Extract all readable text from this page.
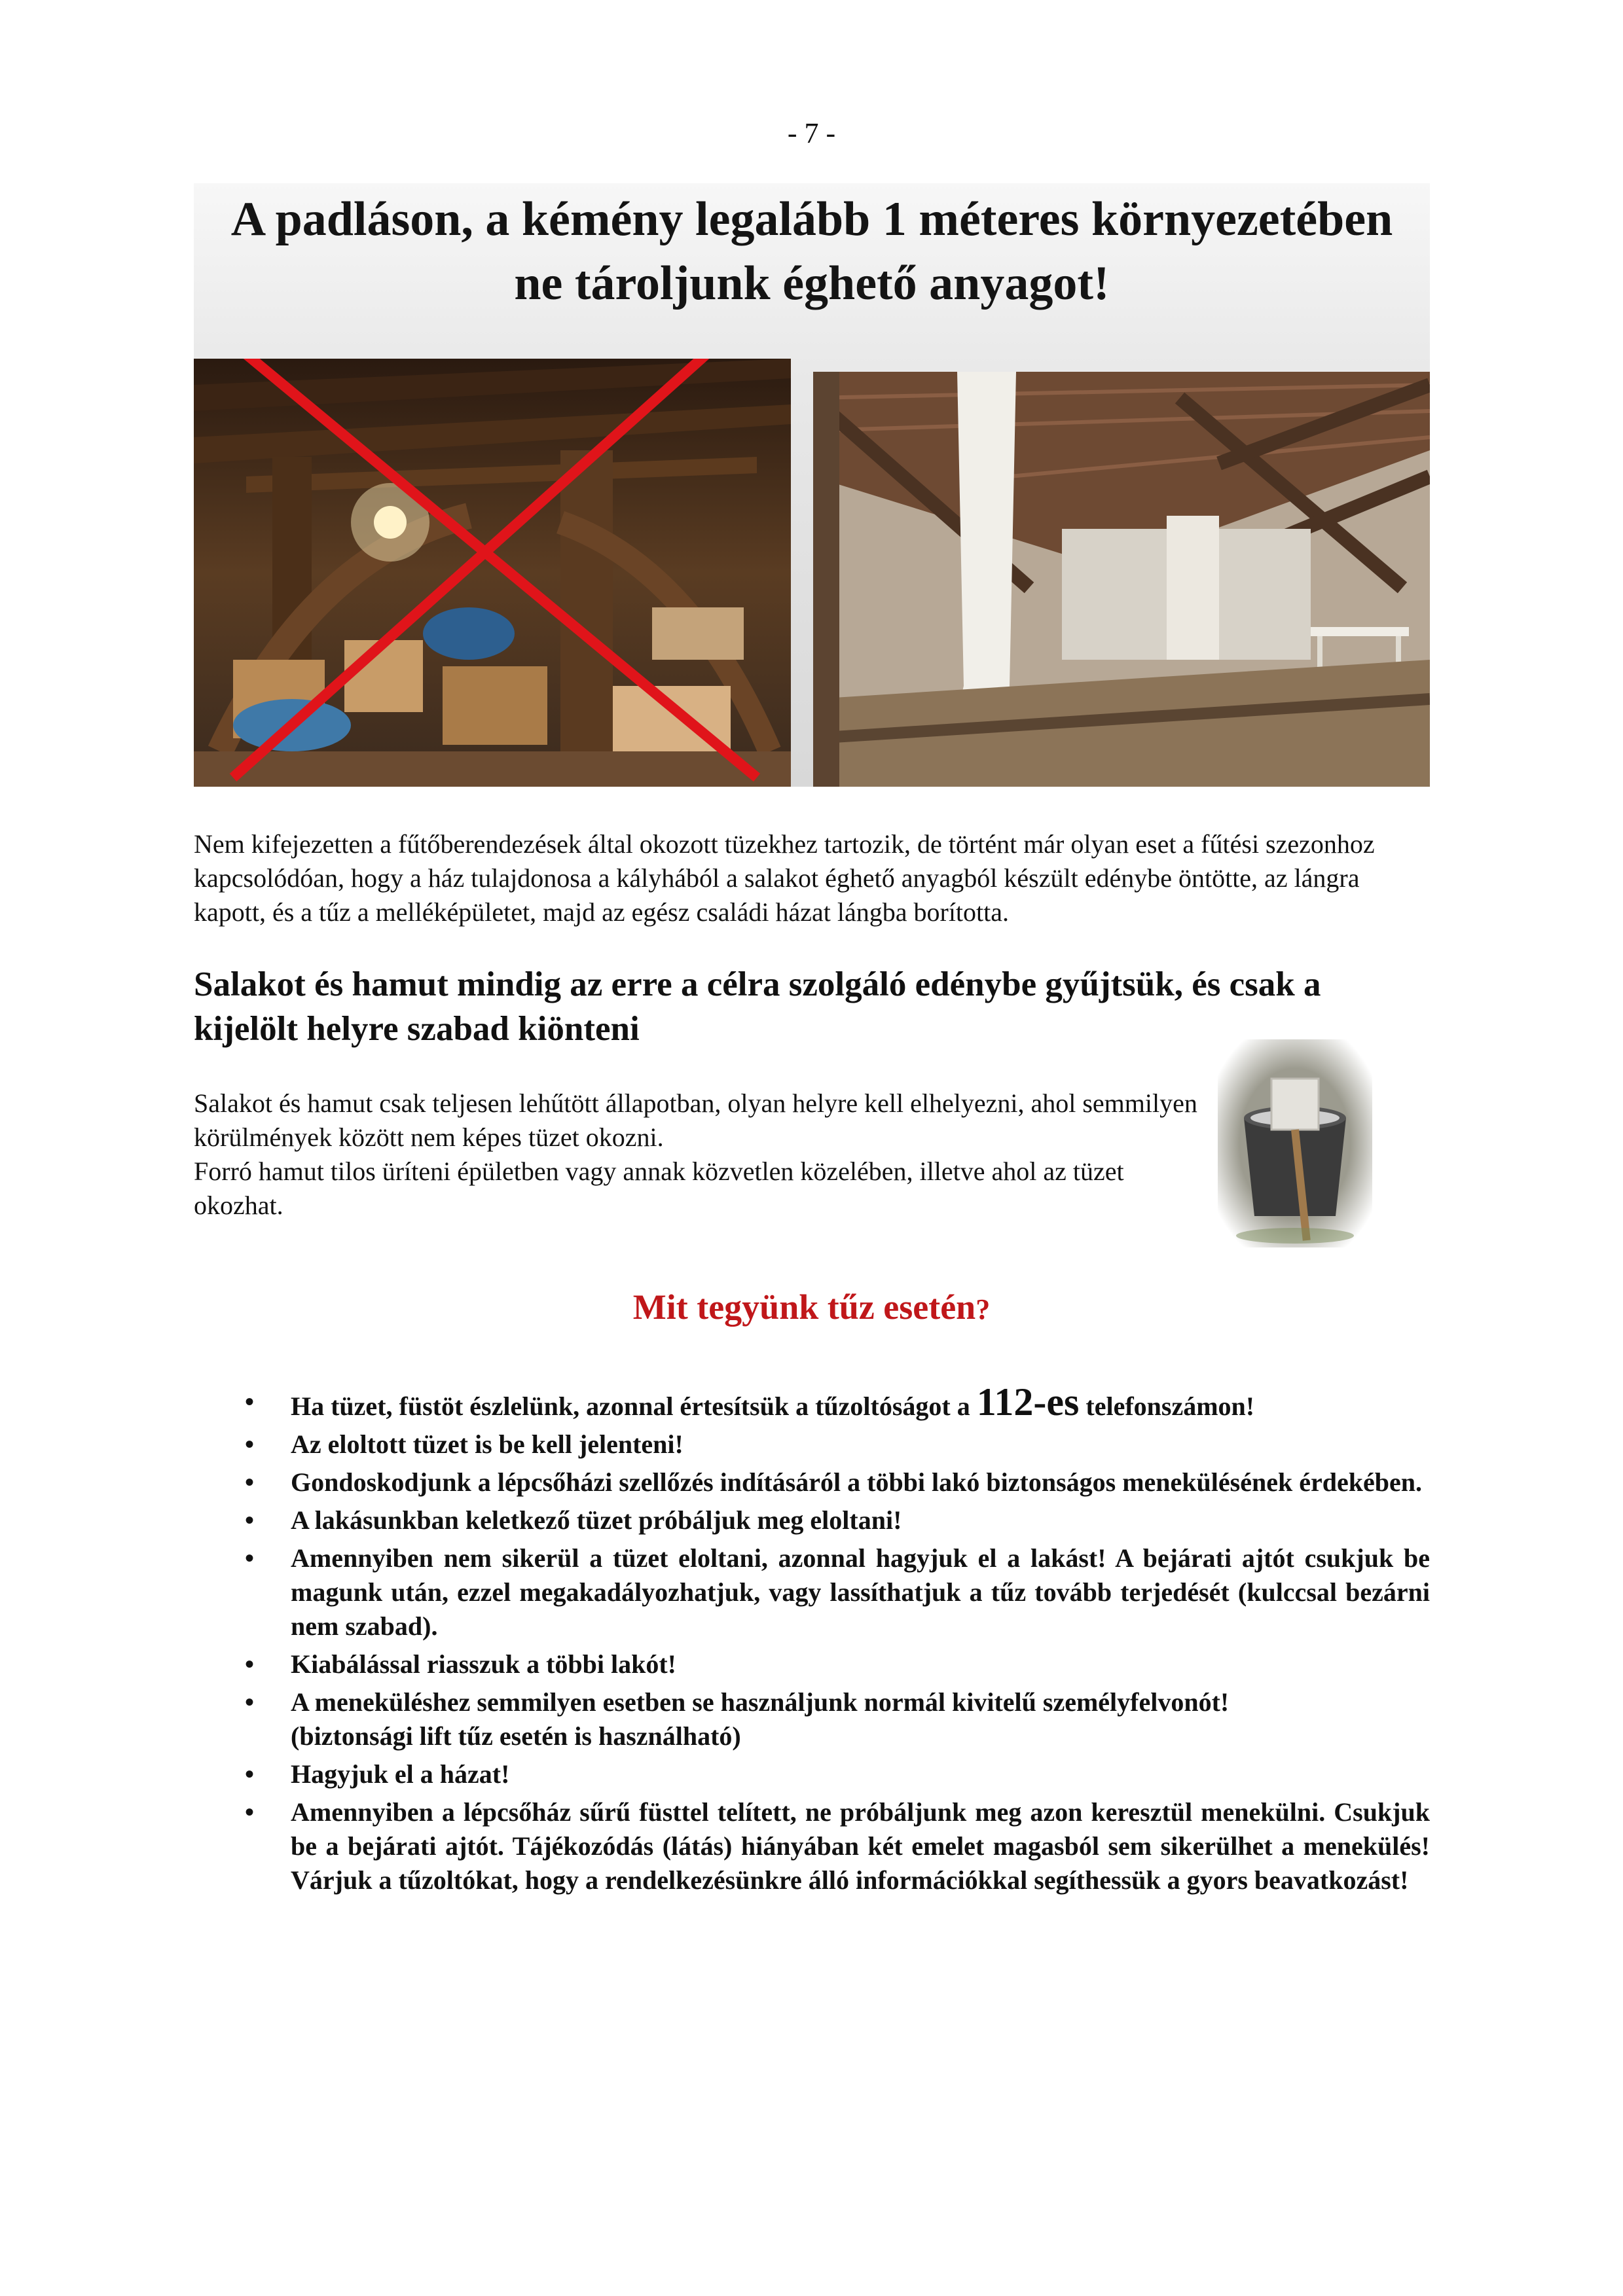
- 7 -
A padláson, a kémény legalább 1 méteres környezetében
ne tároljunk éghető anyagot!
Nem kifejezetten a fűtőberendezések által okozott tüzekhez tartozik, de történt már olyan eset a fűtési szezonhoz kapcsolódóan, hogy a ház tulajdonosa a kályhából a salakot éghető anyagból készült edénybe öntötte, az lángra kapott, és a tűz a melléképületet, majd az egész családi házat lángba borította.
Salakot és hamut mindig az erre a célra szolgáló edénybe gyűjtsük, és csak a kijelölt helyre szabad kiönteni

Salakot és hamut csak teljesen lehűtött állapotban, olyan helyre kell elhelyezni, ahol semmilyen körülmények között nem képes tüzet okozni.

Forró hamut tilos üríteni épületben vagy annak közvetlen közelében, illetve ahol az tüzet okozhat.

Mit tegyünk tűz esetén?
• Ha tüzet, füstöt észlelünk, azonnal értesítsük a tűzoltóságot a 112-es telefonszámon!
• Az eloltott tüzet is be kell jelenteni!
• Gondoskodjunk a lépcsőházi szellőzés indításáról a többi lakó biztonságos menekülésének érdekében.
• A lakásunkban keletkező tüzet próbáljuk meg eloltani!
• Amennyiben nem sikerül a tüzet eloltani, azonnal hagyjuk el a lakást! A bejárati ajtót csukjuk be magunk után, ezzel megakadályozhatjuk, vagy lassíthatjuk a tűz tovább terjedését (kulccsal bezárni nem szabad).
• Kiabálással riasszuk a többi lakót!
• A meneküléshez semmilyen esetben se használjunk normál kivitelű személyfelvonót!
(biztonsági lift tűz esetén is használható)
• Hagyjuk el a házat!
• Amennyiben a lépcsőház sűrű füsttel telített, ne próbáljunk meg azon keresztül menekülni. Csukjuk be a bejárati ajtót. Tájékozódás (látás) hiányában két emelet magasból sem sikerülhet a menekülés! Várjuk a tűzoltókat, hogy a rendelkezésünkre álló információkkal segíthessük a gyors beavatkozást!
